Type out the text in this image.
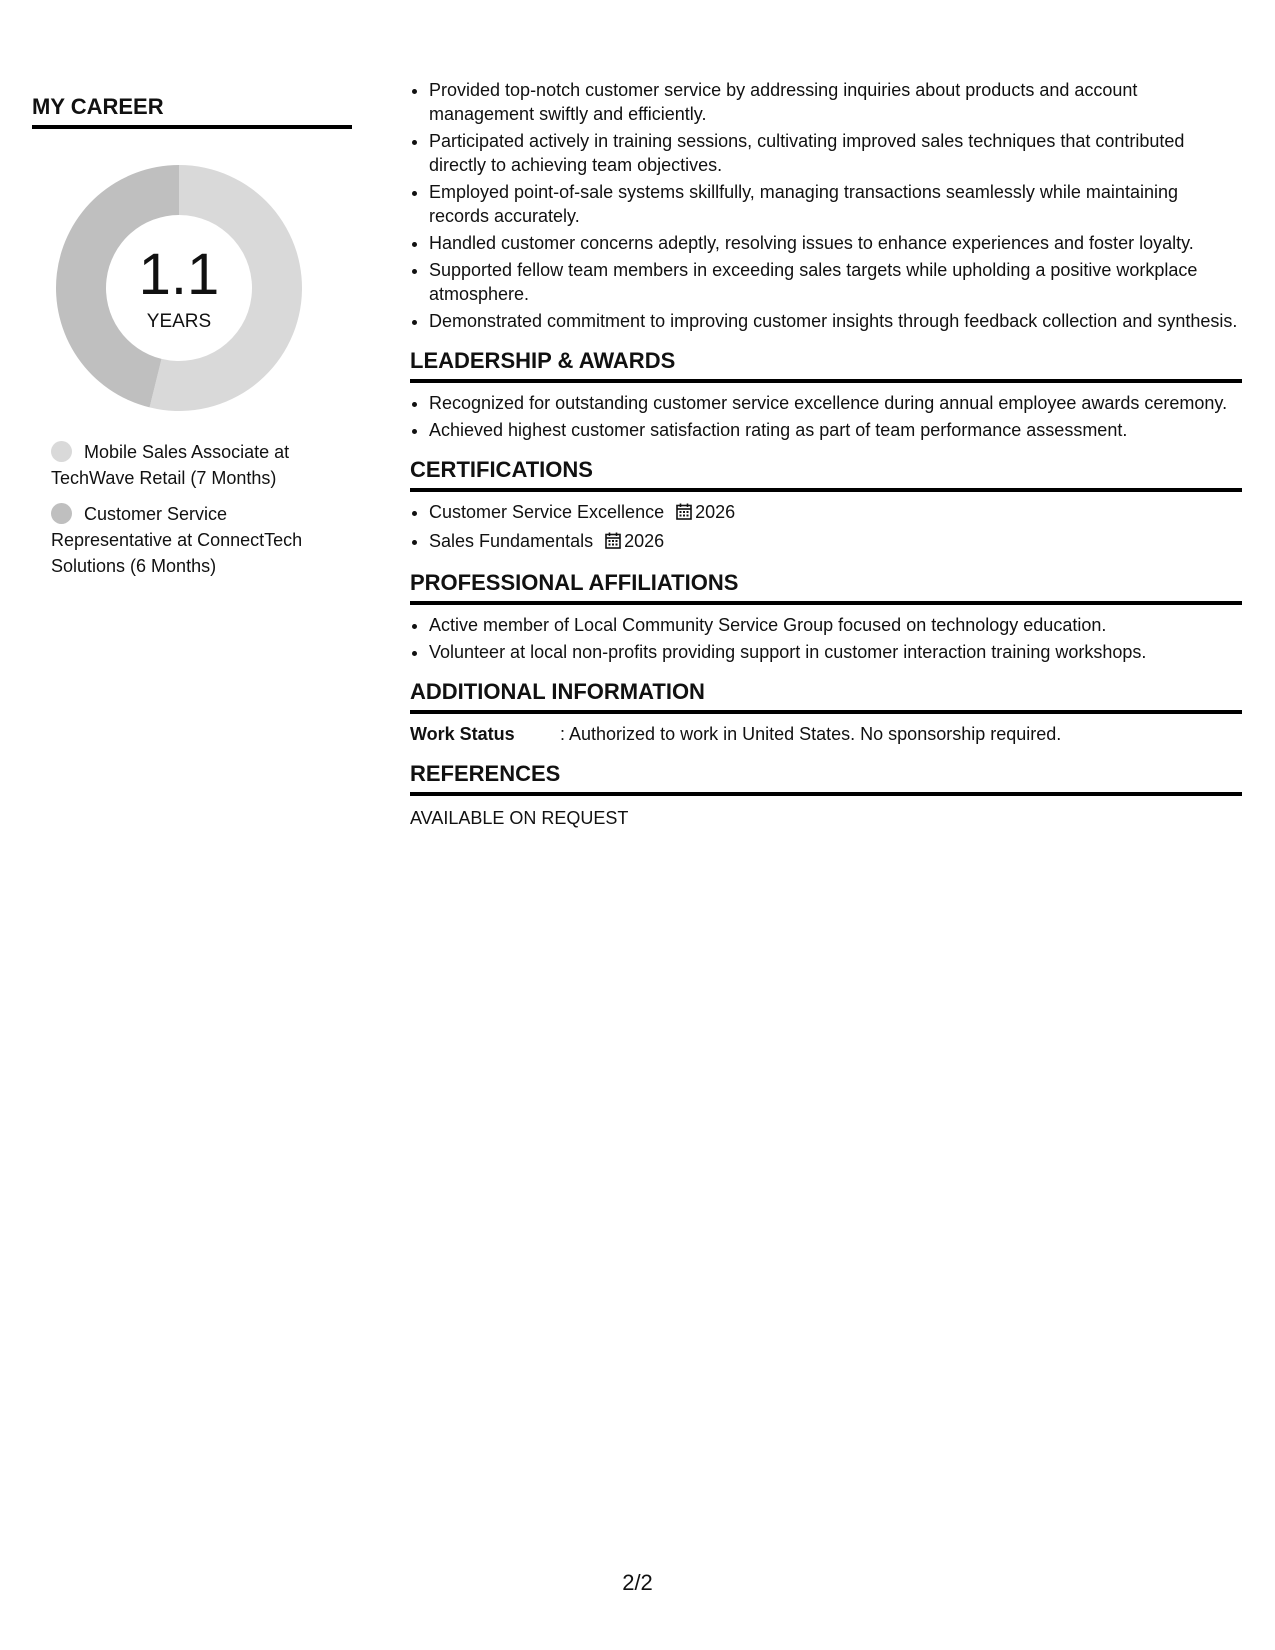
MY CAREER
1.1
YEARS
Mobile Sales Associate at TechWave Retail (7 Months)
Customer Service Representative at ConnectTech Solutions (6 Months)
• Provided top-notch customer service by addressing inquiries about products and account management swiftly and efficiently.
• Participated actively in training sessions, cultivating improved sales techniques that contributed directly to achieving team objectives.
• Employed point-of-sale systems skillfully, managing transactions seamlessly while maintaining records accurately.
• Handled customer concerns adeptly, resolving issues to enhance experiences and foster loyalty.
• Supported fellow team members in exceeding sales targets while upholding a positive workplace atmosphere.
• Demonstrated commitment to improving customer insights through feedback collection and synthesis.
LEADERSHIP & AWARDS
• Recognized for outstanding customer service excellence during annual employee awards ceremony.
• Achieved highest customer satisfaction rating as part of team performance assessment.
CERTIFICATIONS
• Customer Service Excellence 2026
• Sales Fundamentals 2026
PROFESSIONAL AFFILIATIONS
• Active member of Local Community Service Group focused on technology education.
• Volunteer at local non-profits providing support in customer interaction training workshops.
ADDITIONAL INFORMATION
Work Status	: Authorized to work in United States. No sponsorship required.
REFERENCES
AVAILABLE ON REQUEST
2/2
